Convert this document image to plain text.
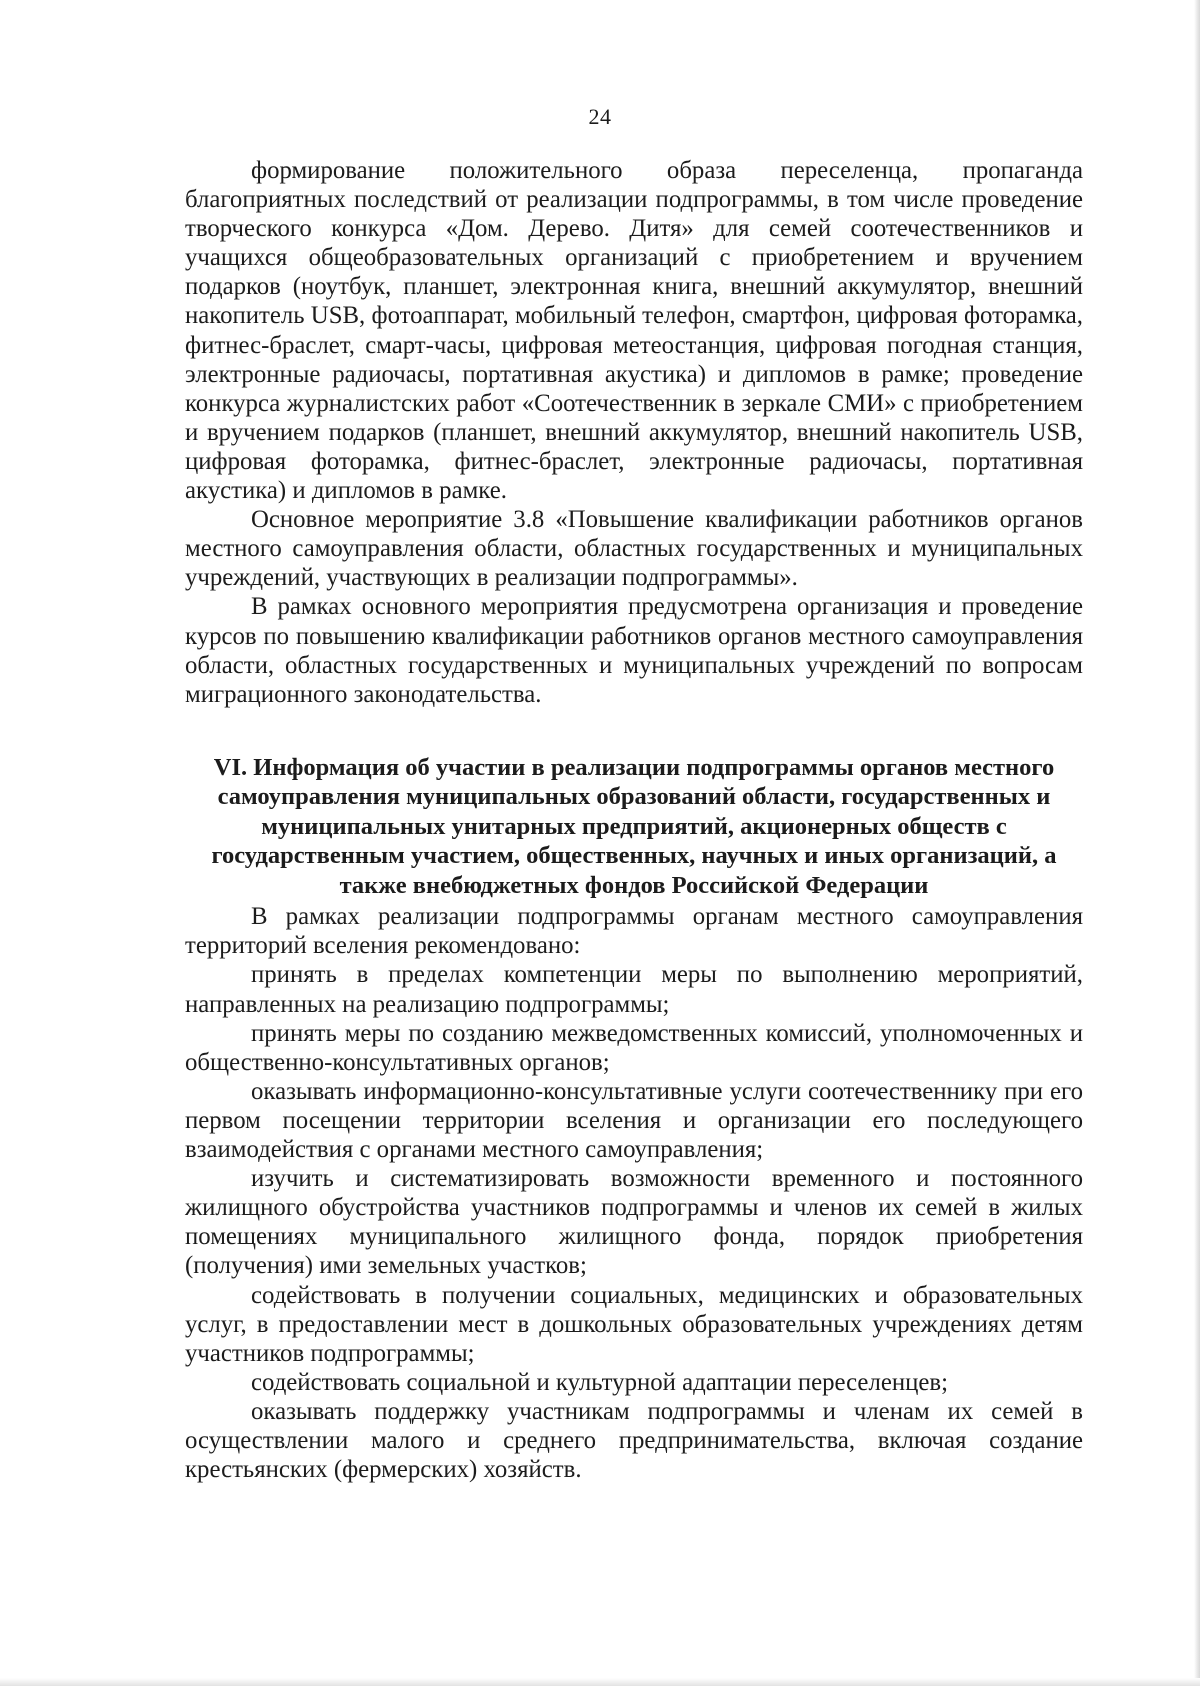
24

формирование положительного образа переселенца, пропаганда благоприятных последствий от реализации подпрограммы, в том числе проведение творческого конкурса «Дом. Дерево. Дитя» для семей соотечественников и учащихся общеобразовательных организаций с приобретением и вручением подарков (ноутбук, планшет, электронная книга, внешний аккумулятор, внешний накопитель USB, фотоаппарат, мобильный телефон, смартфон, цифровая фоторамка, фитнес-браслет, смарт-часы, цифровая метеостанция, цифровая погодная станция, электронные радиочасы, портативная акустика) и дипломов в рамке; проведение конкурса журналистских работ «Соотечественник в зеркале СМИ» с приобретением и вручением подарков (планшет, внешний аккумулятор, внешний накопитель USB, цифровая фоторамка, фитнес-браслет, электронные радиочасы, портативная акустика) и дипломов в рамке.

Основное мероприятие 3.8 «Повышение квалификации работников органов местного самоуправления области, областных государственных и муниципальных учреждений, участвующих в реализации подпрограммы».

В рамках основного мероприятия предусмотрена организация и проведение курсов по повышению квалификации работников органов местного самоуправления области, областных государственных и муниципальных учреждений по вопросам миграционного законодательства.

VI. Информация об участии в реализации подпрограммы органов местного самоуправления муниципальных образований области, государственных и муниципальных унитарных предприятий, акционерных обществ с государственным участием, общественных, научных и иных организаций, а также внебюджетных фондов Российской Федерации

В рамках реализации подпрограммы органам местного самоуправления территорий вселения рекомендовано:

принять в пределах компетенции меры по выполнению мероприятий, направленных на реализацию подпрограммы;

принять меры по созданию межведомственных комиссий, уполномоченных и общественно-консультативных органов;

оказывать информационно-консультативные услуги соотечественнику при его первом посещении территории вселения и организации его последующего взаимодействия с органами местного самоуправления;

изучить и систематизировать возможности временного и постоянного жилищного обустройства участников подпрограммы и членов их семей в жилых помещениях муниципального жилищного фонда, порядок приобретения (получения) ими земельных участков;

содействовать в получении социальных, медицинских и образовательных услуг, в предоставлении мест в дошкольных образовательных учреждениях детям участников подпрограммы;

содействовать социальной и культурной адаптации переселенцев;

оказывать поддержку участникам подпрограммы и членам их семей в осуществлении малого и среднего предпринимательства, включая создание крестьянских (фермерских) хозяйств.
